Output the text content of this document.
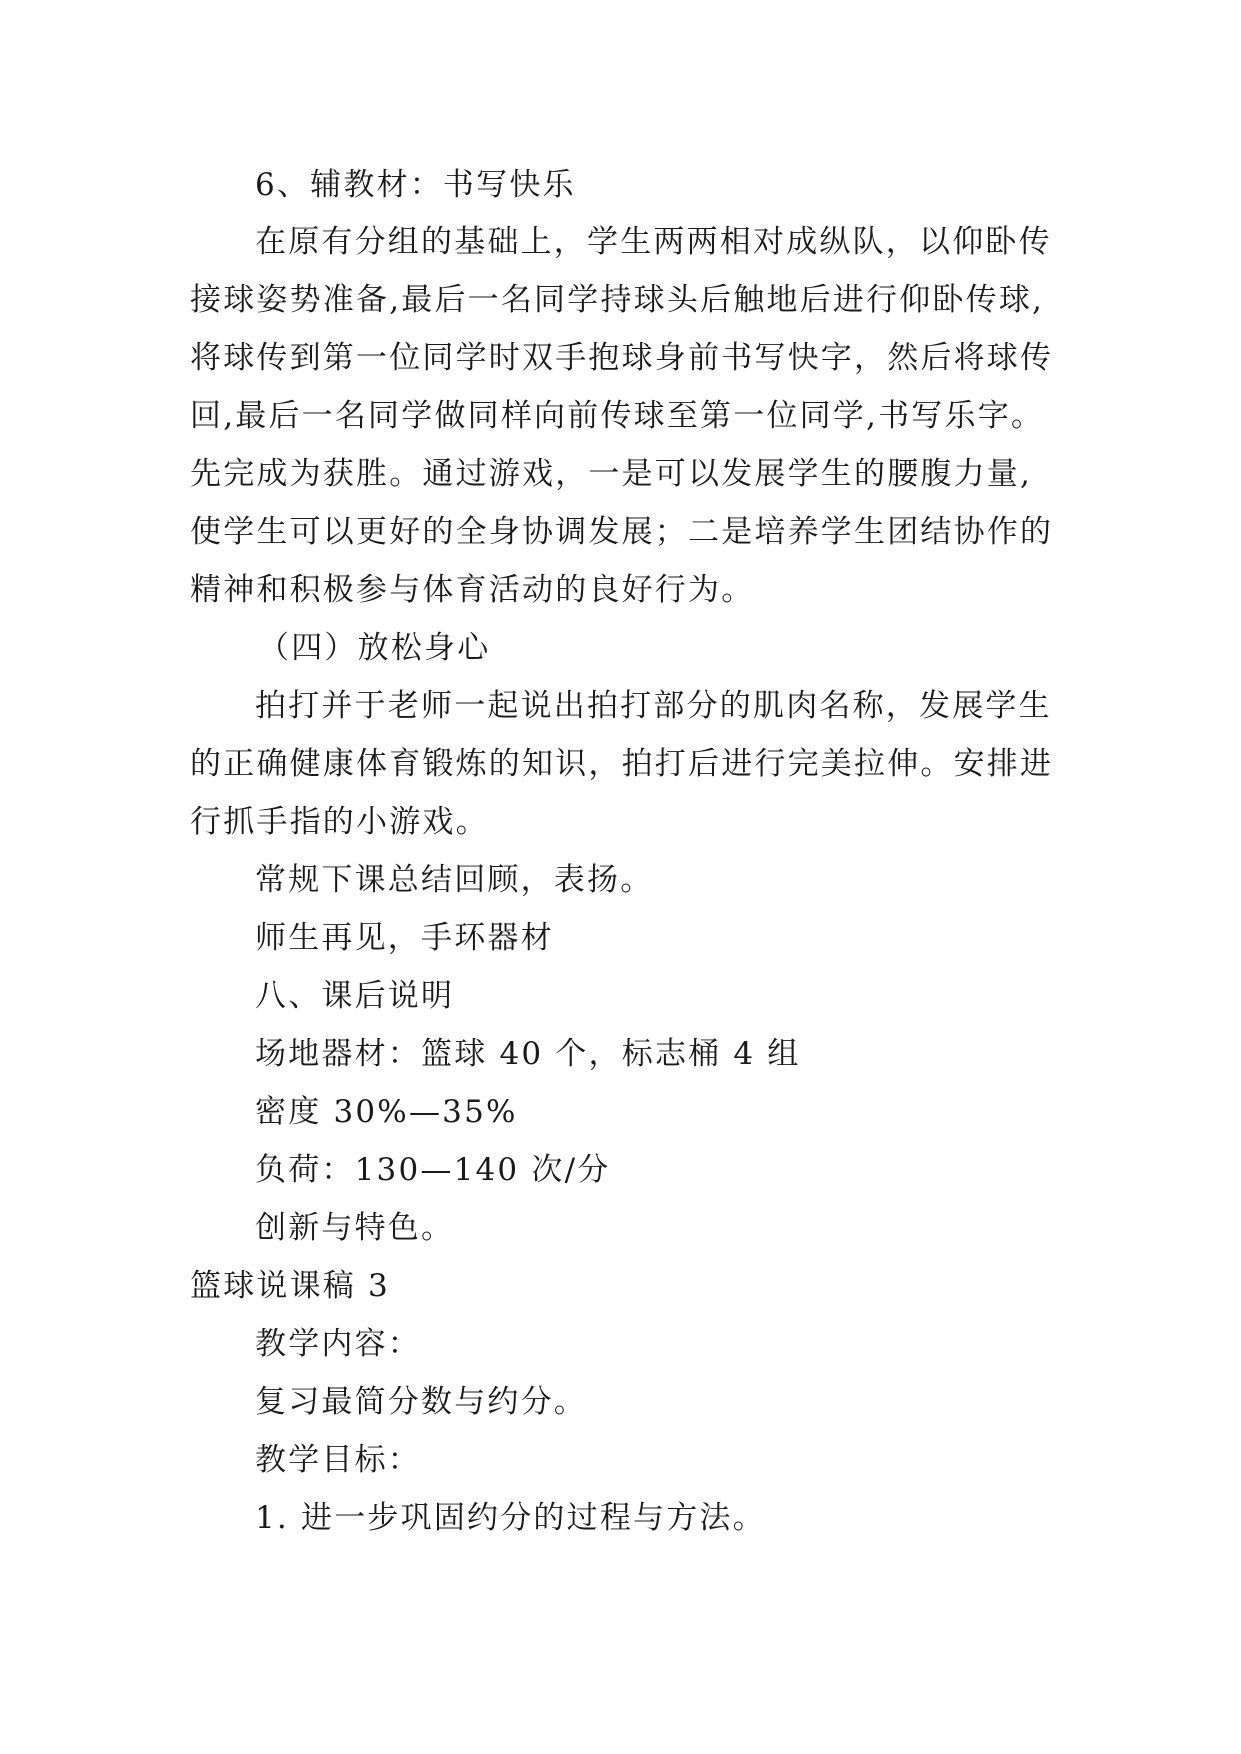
6、辅教材：书写快乐
在原有分组的基础上，学生两两相对成纵队，以仰卧传
接球姿势准备,最后一名同学持球头后触地后进行仰卧传球,
将球传到第一位同学时双手抱球身前书写快字，然后将球传
回,最后一名同学做同样向前传球至第一位同学,书写乐字。
先完成为获胜。通过游戏，一是可以发展学生的腰腹力量,
使学生可以更好的全身协调发展；二是培养学生团结协作的
精神和积极参与体育活动的良好行为。
（四）放松身心
拍打并于老师一起说出拍打部分的肌肉名称，发展学生
的正确健康体育锻炼的知识，拍打后进行完美拉伸。安排进
行抓手指的小游戏。
常规下课总结回顾，表扬。
师生再见，手环器材
八、课后说明
场地器材：篮球 40 个，标志桶 4 组
密度 30%—35%
负荷：130—140 次/分
创新与特色。
篮球说课稿 3
教学内容：
复习最简分数与约分。
教学目标：
1. 进一步巩固约分的过程与方法。
